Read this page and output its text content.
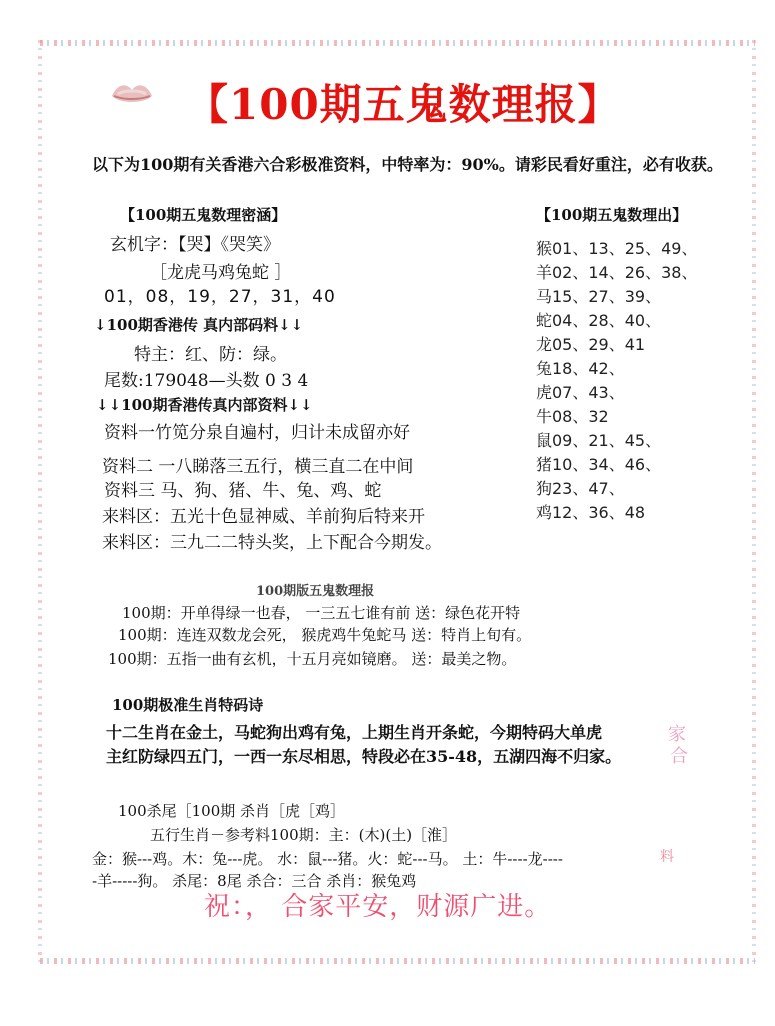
【100期五鬼数理报】
以下为100期有关香港六合彩极准资料，中特率为：90%。请彩民看好重注，必有收获。
【100期五鬼数理密涵】
玄机字：【哭】《哭笑》
［龙虎马鸡兔蛇 ］
01，08，19，27，31，40
↓100期香港传 真内部码料↓↓
特主：红、防：绿。
尾数:179048—头数 0 3 4
↓↓100期香港传真内部资料↓↓
资料一竹笕分泉自遍村，归计未成留亦好
资料二 一八睇落三五行，横三直二在中间
资料三 马、狗、猪、牛、兔、鸡、蛇
来料区：五光十色显神威、羊前狗后特来开
来料区：三九二二特头奖，上下配合今期发。
【100期五鬼数理出】
猴01、13、25、49、
羊02、14、26、38、
马15、27、39、
蛇04、28、40、
龙05、29、41
兔18、42、
虎07、43、
牛08、32
鼠09、21、45、
猪10、34、46、
狗23、47、
鸡12、36、48
100期版五鬼数理报
100期：开单得绿一也春， 一三五七谁有前 送：绿色花开特
100期：连连双数龙会死， 猴虎鸡牛兔蛇马 送：特肖上旬有。
100期：五指一曲有玄机，十五月亮如镜磨。 送：最美之物。
100期极准生肖特码诗
十二生肖在金土，马蛇狗出鸡有兔，上期生肖开条蛇，今期特码大单虎
主红防绿四五门，一西一东尽相思，特段必在35-48，五湖四海不归家。
家
合
100杀尾［100期 杀肖［虎［鸡］
五行生肖－参考料100期：主：(木)(土)［淮］
金：猴---鸡。木：兔---虎。 水：鼠---猪。火：蛇---马。 土：牛----龙----
-羊-----狗。 杀尾：8尾 杀合：三合 杀肖：猴兔鸡
料
祝：， 合家平安，财源广进。
